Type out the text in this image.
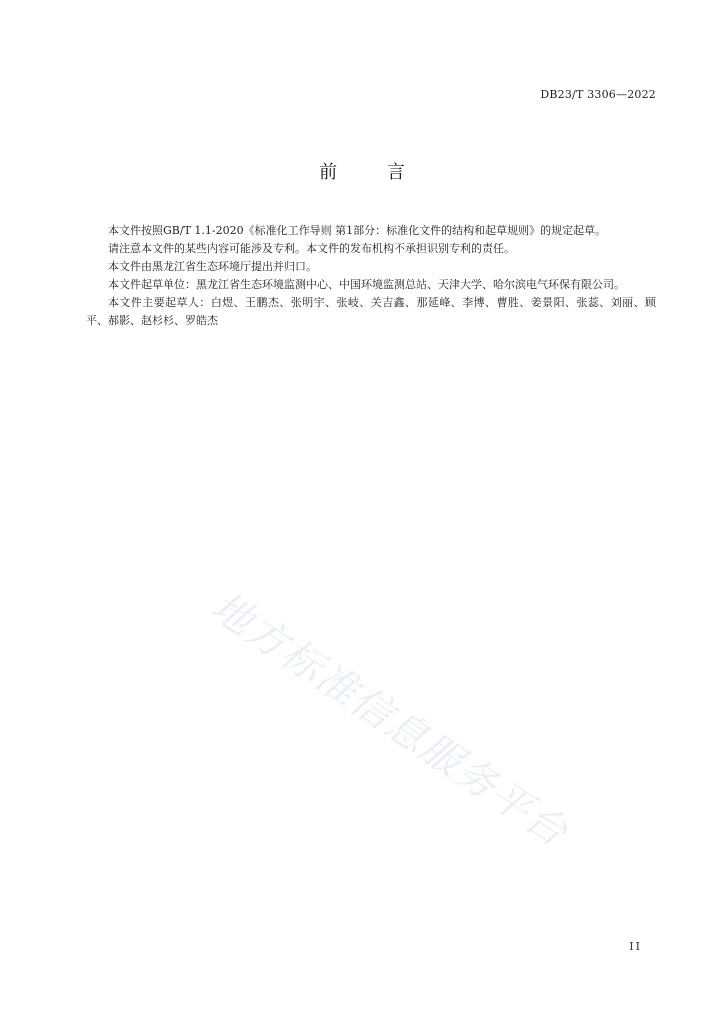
DB23/T 3306—2022
前 言

本文件按照GB/T 1.1-2020《标准化工作导则 第1部分：标准化文件的结构和起草规则》的规定起草。

请注意本文件的某些内容可能涉及专利。本文件的发布机构不承担识别专利的责任。

本文件由黑龙江省生态环境厅提出并归口。

本文件起草单位：黑龙江省生态环境监测中心、中国环境监测总站、天津大学、哈尔滨电气环保有限公司。

本文件主要起草人：白煜、王鹏杰、张明宇、张岐、关吉鑫、那延峰、李博、曹胜、姜景阳、张蕊、刘丽、顾平、郝影、赵杉杉、罗皓杰

地方标准信息服务平台
II
